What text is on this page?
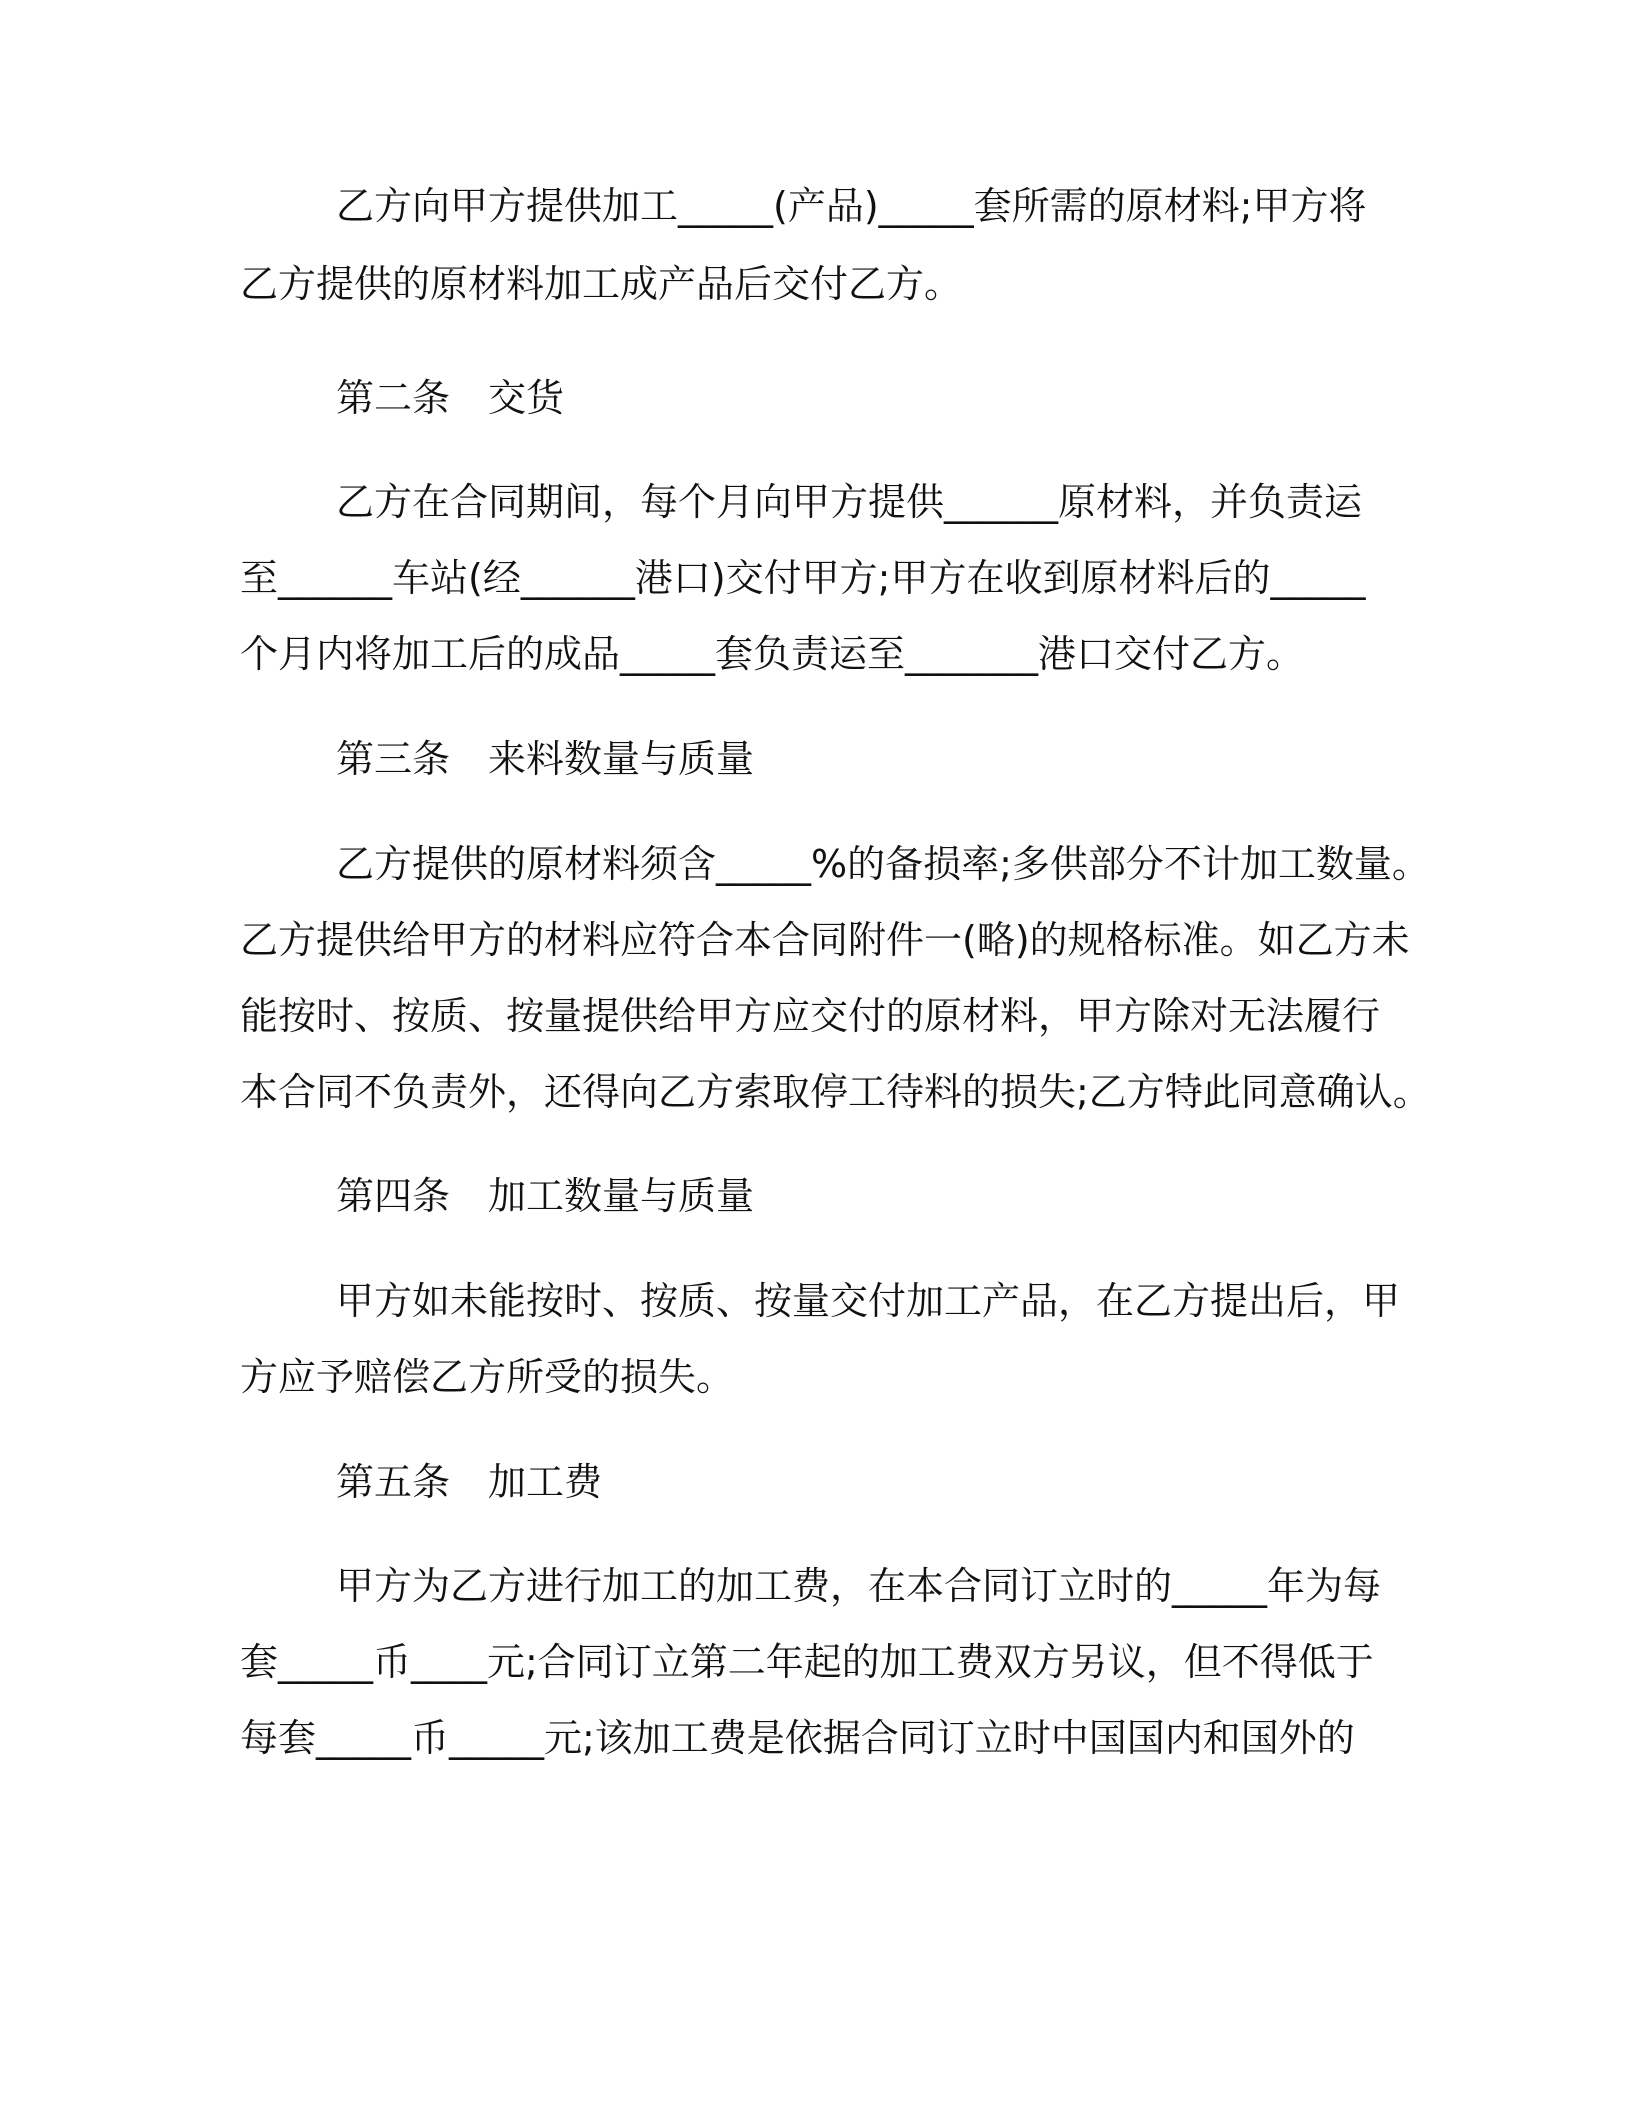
乙方向甲方提供加工_____(产品)_____套所需的原材料;甲方将
乙方提供的原材料加工成产品后交付乙方。
第二条　交货
乙方在合同期间，每个月向甲方提供______原材料，并负责运
至______车站(经______港口)交付甲方;甲方在收到原材料后的_____
个月内将加工后的成品_____套负责运至_______港口交付乙方。
第三条　来料数量与质量
乙方提供的原材料须含_____%的备损率;多供部分不计加工数量。
乙方提供给甲方的材料应符合本合同附件一(略)的规格标准。如乙方未
能按时、按质、按量提供给甲方应交付的原材料，甲方除对无法履行
本合同不负责外，还得向乙方索取停工待料的损失;乙方特此同意确认。
第四条　加工数量与质量
甲方如未能按时、按质、按量交付加工产品，在乙方提出后，甲
方应予赔偿乙方所受的损失。
第五条　加工费
甲方为乙方进行加工的加工费，在本合同订立时的_____年为每
套_____币____元;合同订立第二年起的加工费双方另议，但不得低于
每套_____币_____元;该加工费是依据合同订立时中国国内和国外的
